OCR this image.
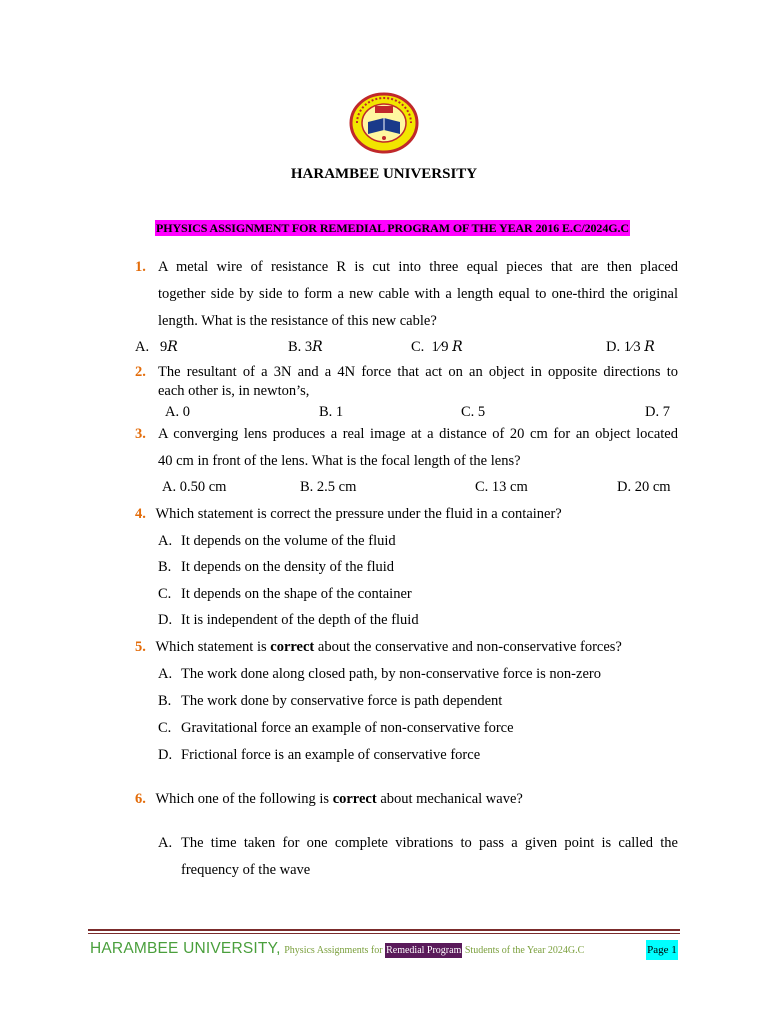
HARAMBEE UNIVERSITY
PHYSICS ASSIGNMENT FOR REMEDIAL PROGRAM OF THE YEAR 2016 E.C/2024G.C
1. A metal wire of resistance R is cut into three equal pieces that are then placed
together side by side to form a new cable with a length equal to one-third the original
length. What is the resistance of this new cable?
A.   9R	B. 3R	C.  1⁄9 R	D. 1⁄3 R
2. The resultant of a 3N and a 4N force that act on an object in opposite directions to
each other is, in newton’s,
A. 0	B. 1	C. 5	D. 7
3. A converging lens produces a real image at a distance of 20 cm for an object located
40 cm in front of the lens. What is the focal length of the lens?
A. 0.50 cm	B. 2.5 cm	C. 13 cm	D. 20 cm
4. Which statement is correct the pressure under the fluid in a container?
A. It depends on the volume of the fluid
B. It depends on the density of the fluid
C. It depends on the shape of the container
D. It is independent of the depth of the fluid
5. Which statement is correct about the conservative and non-conservative forces?
A. The work done along closed path, by non-conservative force is non-zero
B. The work done by conservative force is path dependent
C. Gravitational force an example of non-conservative force
D. Frictional force is an example of conservative force
6. Which one of the following is correct about mechanical wave?
A. The time taken for one complete vibrations to pass a given point is called the
frequency of the wave
HARAMBEE UNIVERSITY, Physics Assignments for Remedial Program Students of the Year 2024G.C	Page 1
